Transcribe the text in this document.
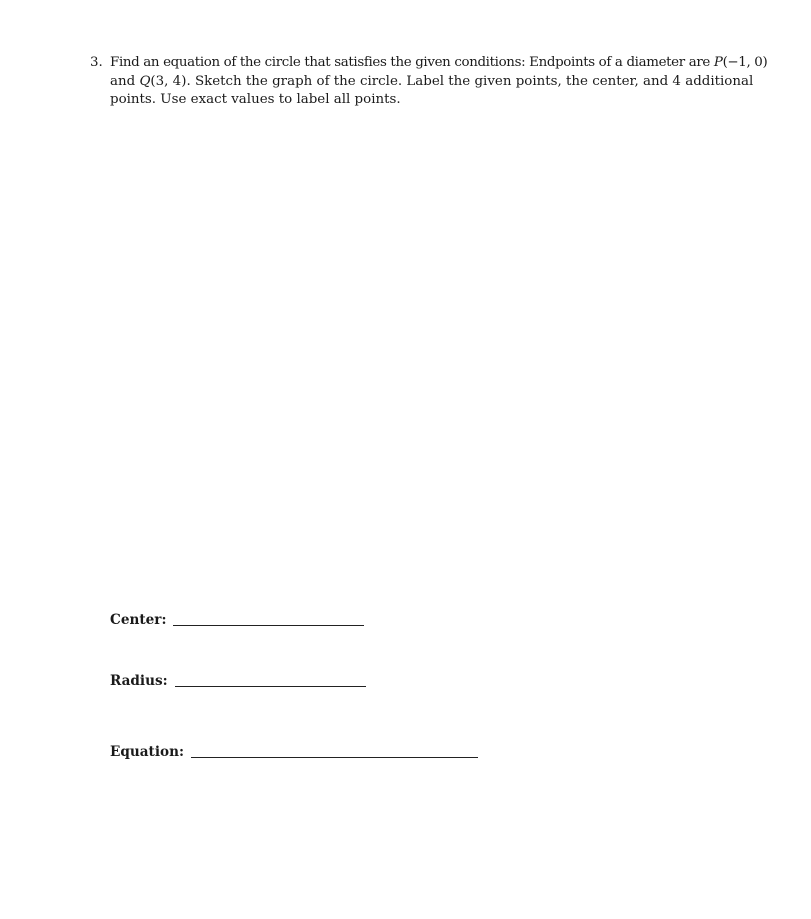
3. Find an equation of the circle that satisfies the given conditions: Endpoints of a diameter are P(−1, 0)
and Q(3, 4). Sketch the graph of the circle. Label the given points, the center, and 4 additional points. Use exact values to label all points.
Center:
Radius:
Equation:
